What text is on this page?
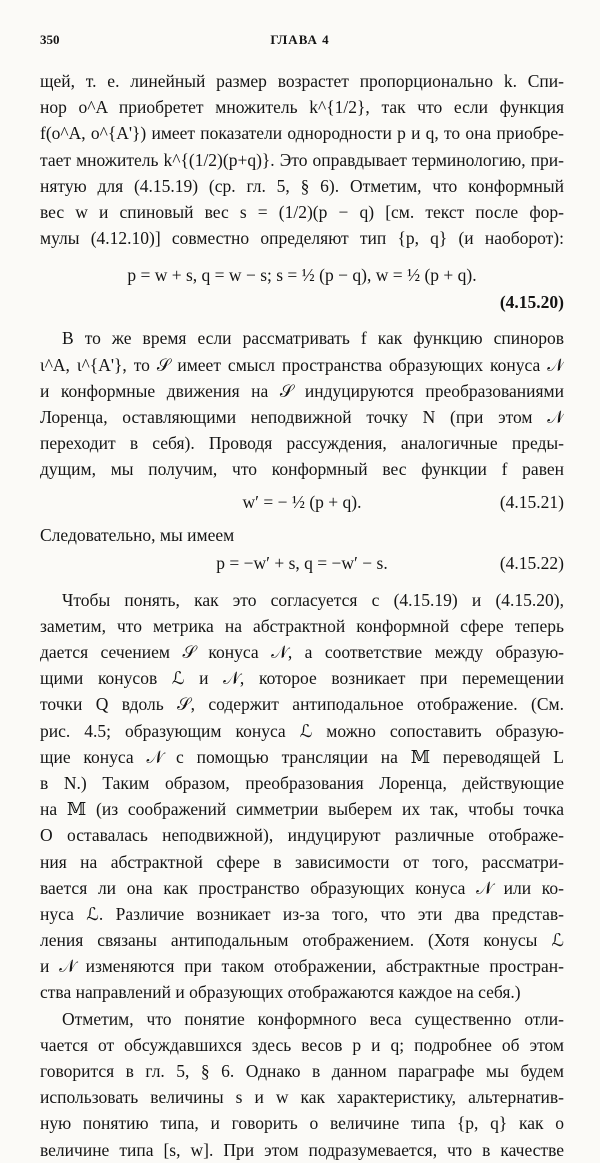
350	ГЛАВА 4
щей, т. е. линейный размер возрастет пропорционально k. Спи-
нор o^A приобретет множитель k^{1/2}, так что если функция
f(o^A, o^{A'}) имеет показатели однородности p и q, то она приобре-
тает множитель k^{(1/2)(p+q)}. Это оправдывает терминологию, при-
нятую для (4.15.19) (ср. гл. 5, § 6). Отметим, что конформный
вес w и спиновый вес s = (1/2)(p − q) [см. текст после фор-
мулы (4.12.10)] совместно определяют тип {p, q} (и наоборот):
p = w + s, q = w − s; s = ½ (p − q), w = ½ (p + q).
(4.15.20)
В то же время если рассматривать f как функцию спиноров
ι^A, ι^{A'}, то 𝒮 имеет смысл пространства образующих конуса 𝒩
и конформные движения на 𝒮 индуцируются преобразованиями
Лоренца, оставляющими неподвижной точку N (при этом 𝒩
переходит в себя). Проводя рассуждения, аналогичные преды-
дущим, мы получим, что конформный вес функции f равен
w′ = − ½ (p + q).	(4.15.21)
Следовательно, мы имеем
p = −w′ + s, q = −w′ − s.	(4.15.22)
Чтобы понять, как это согласуется с (4.15.19) и (4.15.20),
заметим, что метрика на абстрактной конформной сфере теперь
дается сечением 𝒮 конуса 𝒩, а соответствие между образую-
щими конусов ℒ и 𝒩, которое возникает при перемещении
точки Q вдоль 𝒮, содержит антиподальное отображение. (См.
рис. 4.5; образующим конуса ℒ можно сопоставить образую-
щие конуса 𝒩 с помощью трансляции на 𝕄 переводящей L
в N.) Таким образом, преобразования Лоренца, действующие
на 𝕄 (из соображений симметрии выберем их так, чтобы точка
O оставалась неподвижной), индуцируют различные отображе-
ния на абстрактной сфере в зависимости от того, рассматри-
вается ли она как пространство образующих конуса 𝒩 или ко-
нуса ℒ. Различие возникает из-за того, что эти два представ-
ления связаны антиподальным отображением. (Хотя конусы ℒ
и 𝒩 изменяются при таком отображении, абстрактные простран-
ства направлений и образующих отображаются каждое на себя.)
Отметим, что понятие конформного веса существенно отли-
чается от обсуждавшихся здесь весов p и q; подробнее об этом
говорится в гл. 5, § 6. Однако в данном параграфе мы будем
использовать величины s и w как характеристику, альтернатив-
ную понятию типа, и говорить о величине типа {p, q} как о
величине типа [s, w]. При этом подразумевается, что в качестве
